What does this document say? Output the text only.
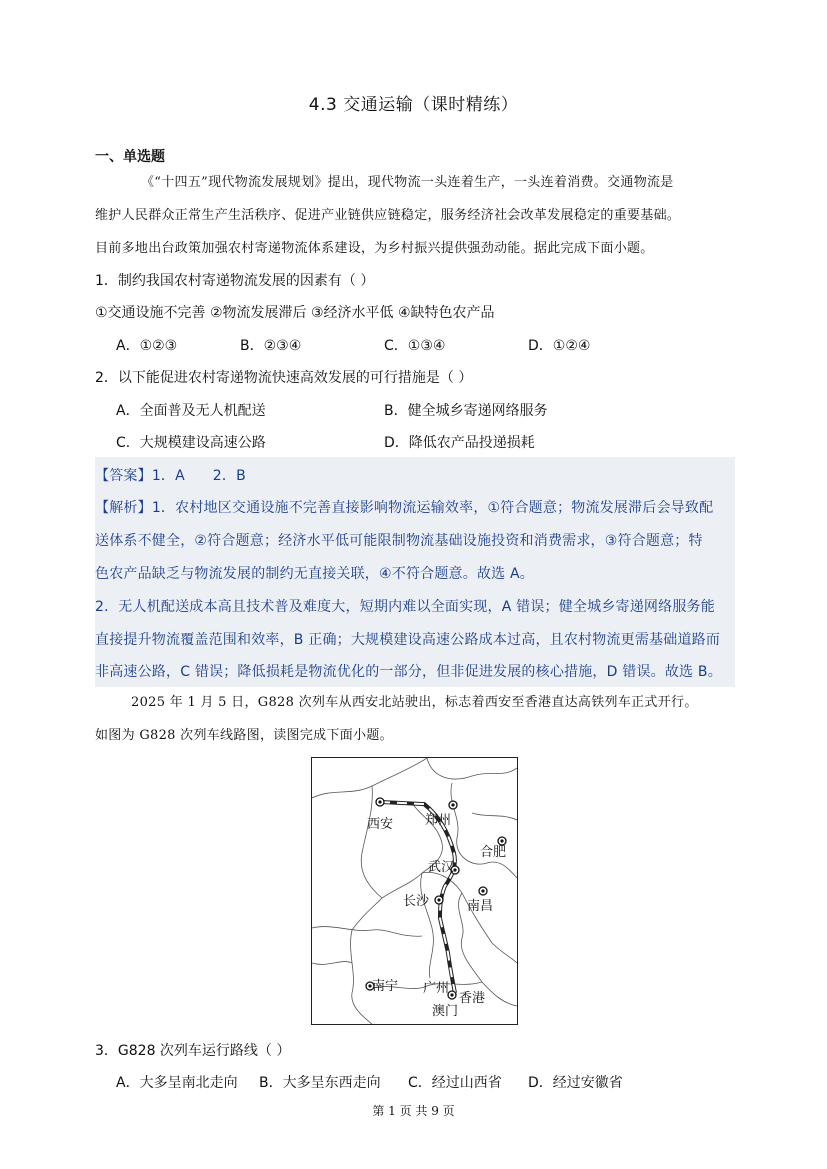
4.3 交通运输（课时精练）
一、单选题
《“十四五”现代物流发展规划》提出，现代物流一头连着生产，一头连着消费。交通物流是
维护人民群众正常生产生活秩序、促进产业链供应链稳定，服务经济社会改革发展稳定的重要基础。
目前多地出台政策加强农村寄递物流体系建设，为乡村振兴提供强劲动能。据此完成下面小题。
1．制约我国农村寄递物流发展的因素有（ ）
①交通设施不完善 ②物流发展滞后 ③经济水平低 ④缺特色农产品
A．①②③	B．②③④	C．①③④	D．①②④
2．以下能促进农村寄递物流快速高效发展的可行措施是（ ）
A．全面普及无人机配送	B．健全城乡寄递网络服务
C．大规模建设高速公路	D．降低农产品投递损耗
【答案】1．A      2．B
【解析】1．农村地区交通设施不完善直接影响物流运输效率，①符合题意；物流发展滞后会导致配
送体系不健全，②符合题意；经济水平低可能限制物流基础设施投资和消费需求，③符合题意；特
色农产品缺乏与物流发展的制约无直接关联，④不符合题意。故选 A。
2．无人机配送成本高且技术普及难度大，短期内难以全面实现，A 错误；健全城乡寄递网络服务能
直接提升物流覆盖范围和效率，B 正确；大规模建设高速公路成本过高，且农村物流更需基础道路而
非高速公路，C 错误；降低损耗是物流优化的一部分，但非促进发展的核心措施，D 错误。故选 B。
2025 年 1 月 5 日，G828 次列车从西安北站驶出，标志着西安至香港直达高铁列车正式开行。
如图为 G828 次列车线路图，读图完成下面小题。
西安 郑州
合肥
武汉
长沙	南昌
南宁 广州
香港
澳门
3．G828 次列车运行路线（ ）
A．大多呈南北走向 B．大多呈东西走向 C．经过山西省 D．经过安徽省
第 1 页 共 9 页
